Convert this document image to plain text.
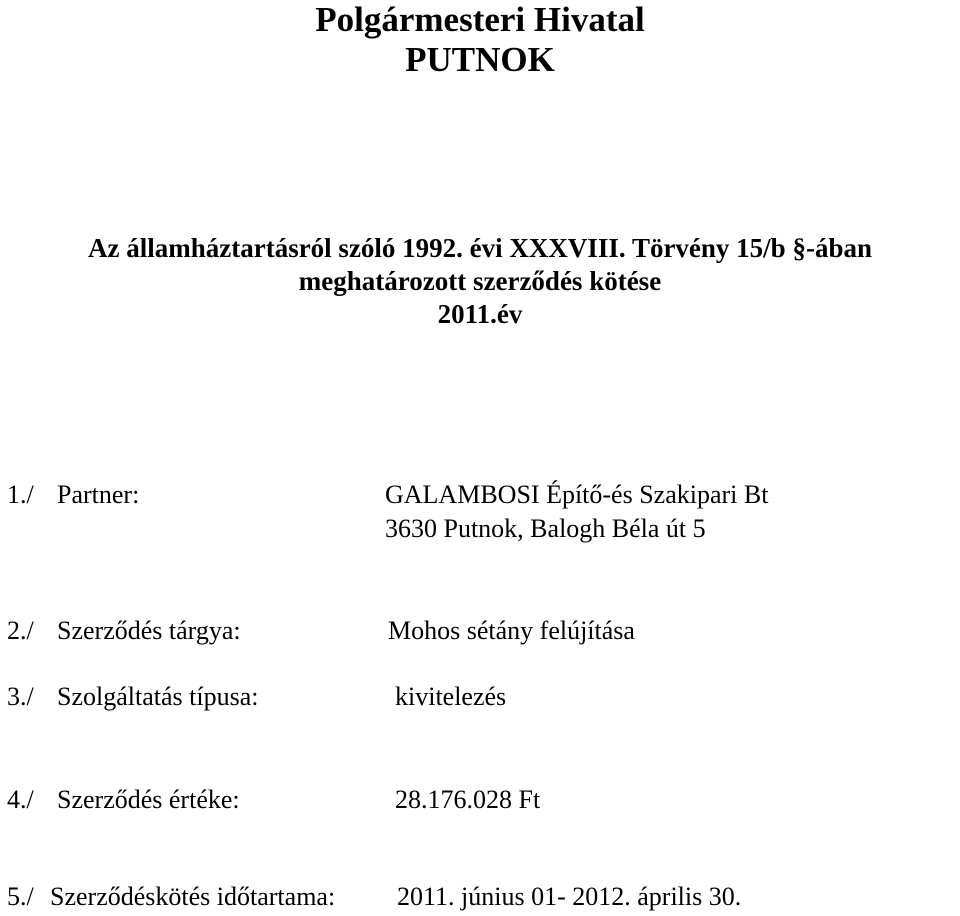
Polgármesteri Hivatal
PUTNOK
Az államháztartásról szóló 1992. évi XXXVIII. Törvény 15/b §-ában
meghatározott szerződés kötése
2011.év
1./ Partner:	GALAMBOSI Építő-és Szakipari Bt
3630 Putnok, Balogh Béla út 5
2./ Szerződés tárgya:	Mohos sétány felújítása
3./ Szolgáltatás típusa:	kivitelezés
4./ Szerződés értéke:	28.176.028 Ft
5./ Szerződéskötés időtartama: 2011. június 01- 2012. április 30.
